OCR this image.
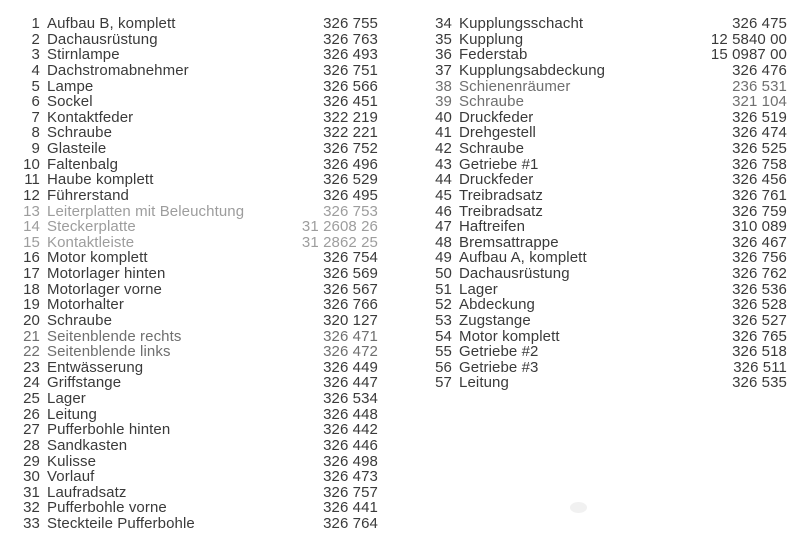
1 Aufbau B, komplett	326 755
2 Dachausrüstung	326 763
3 Stirnlampe	326 493
4 Dachstromabnehmer	326 751
5 Lampe	326 566
6 Sockel	326 451
7 Kontaktfeder	322 219
8 Schraube	322 221
9 Glasteile	326 752
10 Faltenbalg	326 496
11 Haube komplett	326 529
12 Führerstand	326 495
13 Leiterplatten mit Beleuchtung	326 753
14 Steckerplatte	31 2608 26
15 Kontaktleiste	31 2862 25
16 Motor komplett	326 754
17 Motorlager hinten	326 569
18 Motorlager vorne	326 567
19 Motorhalter	326 766
20 Schraube	320 127
21 Seitenblende rechts	326 471
22 Seitenblende links	326 472
23 Entwässerung	326 449
24 Griffstange	326 447
25 Lager	326 534
26 Leitung	326 448
27 Pufferbohle hinten	326 442
28 Sandkasten	326 446
29 Kulisse	326 498
30 Vorlauf	326 473
31 Laufradsatz	326 757
32 Pufferbohle vorne	326 441
33 Steckteile Pufferbohle	326 764
34 Kupplungsschacht	326 475
35 Kupplung	12 5840 00
36 Federstab	15 0987 00
37 Kupplungsabdeckung	326 476
38 Schienenräumer	236 531
39 Schraube	321 104
40 Druckfeder	326 519
41 Drehgestell	326 474
42 Schraube	326 525
43 Getriebe #1	326 758
44 Druckfeder	326 456
45 Treibradsatz	326 761
46 Treibradsatz	326 759
47 Haftreifen	310 089
48 Bremsattrappe	326 467
49 Aufbau A, komplett	326 756
50 Dachausrüstung	326 762
51 Lager	326 536
52 Abdeckung	326 528
53 Zugstange	326 527
54 Motor komplett	326 765
55 Getriebe #2	326 518
56 Getriebe #3	326 511
57 Leitung	326 535
